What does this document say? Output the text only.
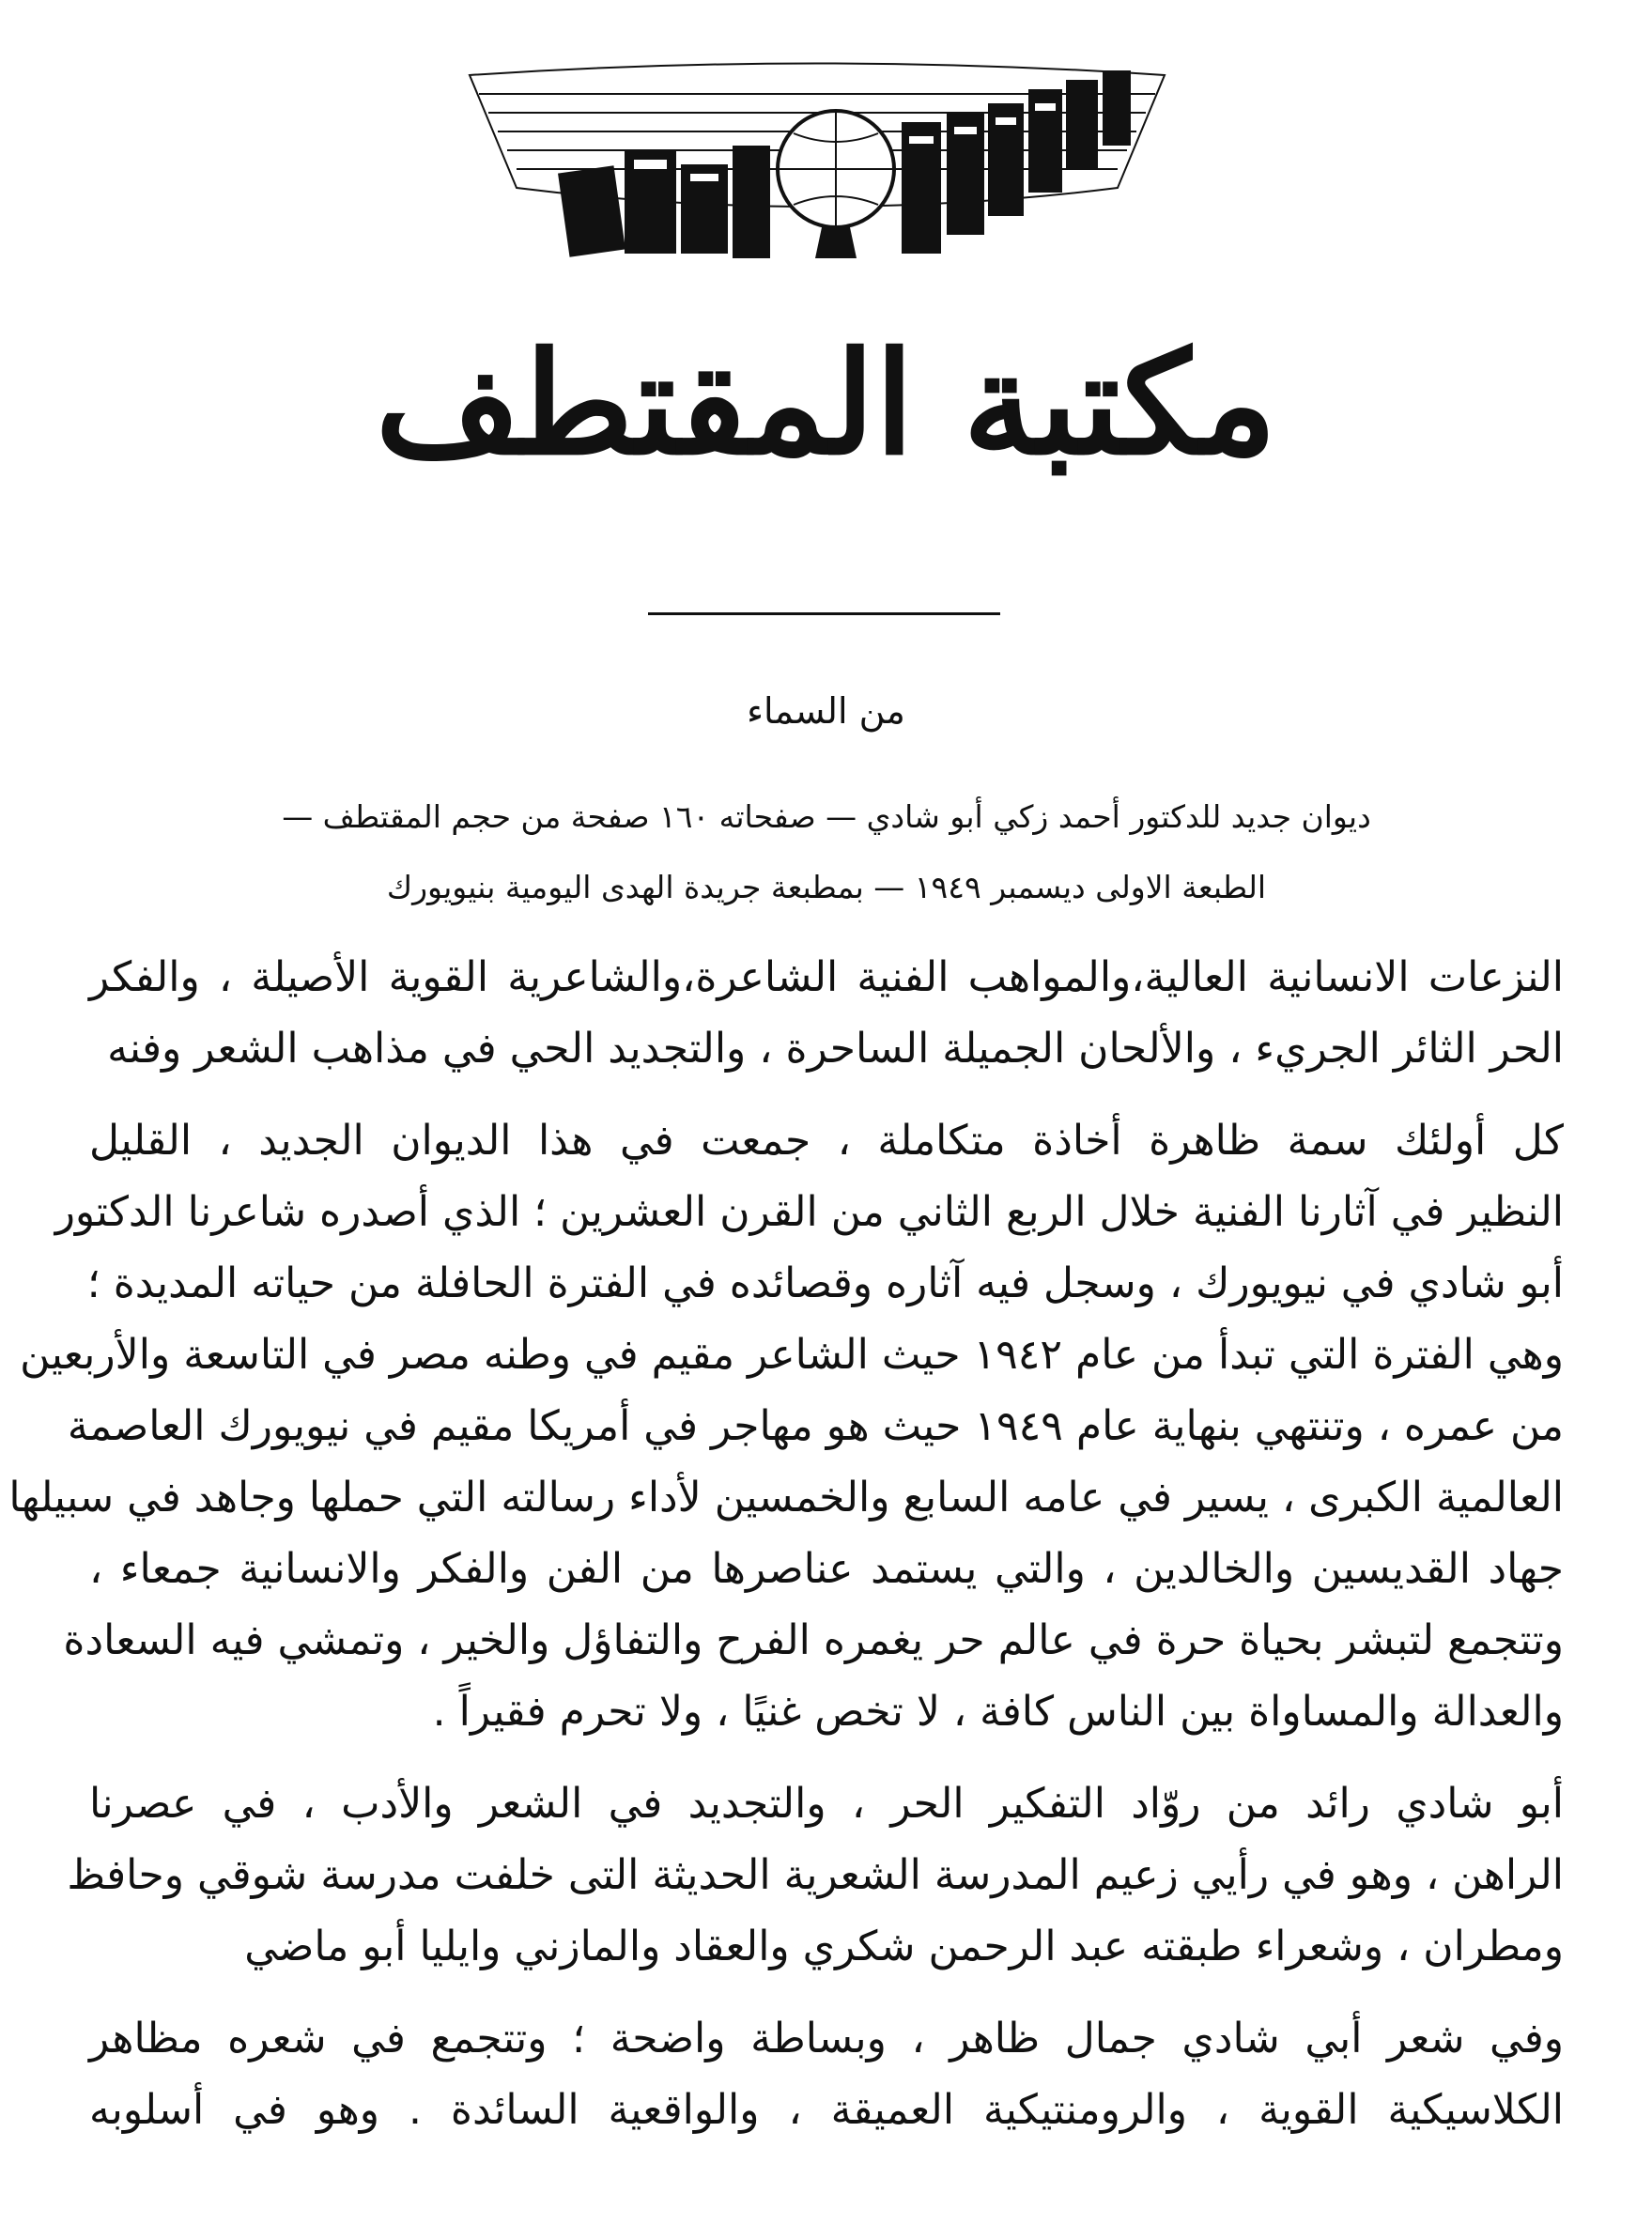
مكتبة المقتطف
من السماء
ديوان جديد للدكتور أحمد زكي أبو شادي — صفحاته ١٦٠ صفحة من حجم المقتطف —
الطبعة الاولى ديسمبر ١٩٤٩ — بمطبعة جريدة الهدى اليومية بنيويورك
النزعات الانسانية العالية،والمواهب الفنية الشاعرة،والشاعرية القوية الأصيلة ، والفكر
الحر الثائر الجريء ، والألحان الجميلة الساحرة ، والتجديد الحي في مذاهب الشعر وفنه
كل أولئك سمة ظاهرة أخاذة متكاملة ، جمعت في هذا الديوان الجديد ، القليل
النظير في آثارنا الفنية خلال الربع الثاني من القرن العشرين ؛ الذي أصدره شاعرنا الدكتور
أبو شادي في نيويورك ، وسجل فيه آثاره وقصائده في الفترة الحافلة من حياته المديدة ؛
وهي الفترة التي تبدأ من عام ١٩٤٢ حيث الشاعر مقيم في وطنه مصر في التاسعة والأربعين
من عمره ، وتنتهي بنهاية عام ١٩٤٩ حيث هو مهاجر في أمريكا مقيم في نيويورك العاصمة
العالمية الكبرى ، يسير في عامه السابع والخمسين لأداء رسالته التي حملها وجاهد في سبيلها
جهاد القديسين والخالدين ، والتي يستمد عناصرها من الفن والفكر والانسانية جمعاء ،
وتتجمع لتبشر بحياة حرة في عالم حر يغمره الفرح والتفاؤل والخير ، وتمشي فيه السعادة
والعدالة والمساواة بين الناس كافة ، لا تخص غنيًا ، ولا تحرم فقيراً .
أبو شادي رائد من روّاد التفكير الحر ، والتجديد في الشعر والأدب ، في عصرنا
الراهن ، وهو في رأيي زعيم المدرسة الشعرية الحديثة التى خلفت مدرسة شوقي وحافظ
ومطران ، وشعراء طبقته عبد الرحمن شكري والعقاد والمازني وايليا أبو ماضي
وفي شعر أبي شادي جمال ظاهر ، وبساطة واضحة ؛ وتتجمع في شعره مظاهر
الكلاسيكية القوية ، والرومنتيكية العميقة ، والواقعية السائدة . وهو في أسلوبه
